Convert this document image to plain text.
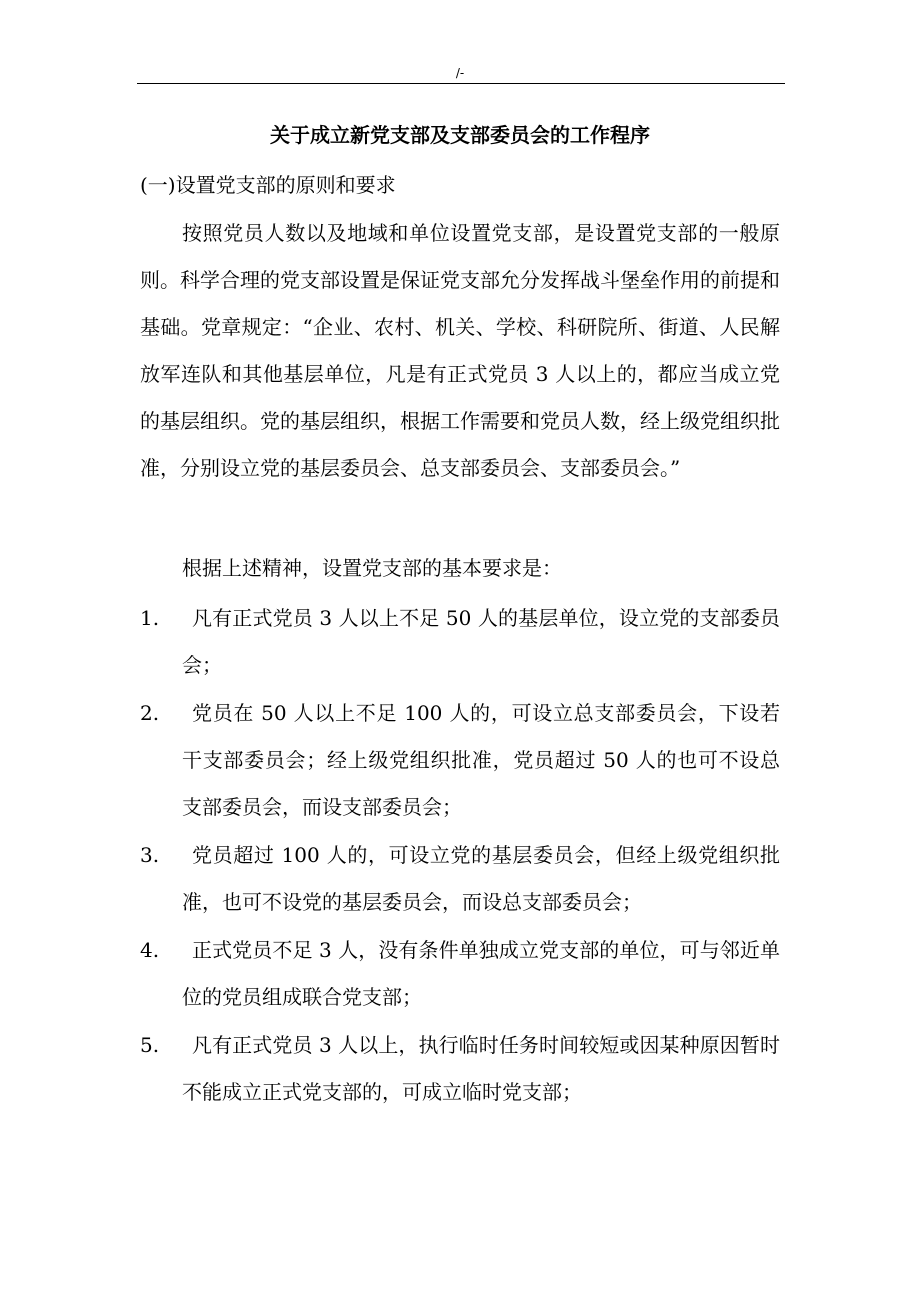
/-
关于成立新党支部及支部委员会的工作程序
(一)设置党支部的原则和要求
按照党员人数以及地域和单位设置党支部，是设置党支部的一般原则。科学合理的党支部设置是保证党支部允分发挥战斗堡垒作用的前提和基础。党章规定：“企业、农村、机关、学校、科研院所、街道、人民解放军连队和其他基层单位，凡是有正式党员 3 人以上的，都应当成立党的基层组织。党的基层组织，根据工作需要和党员人数，经上级党组织批准，分别设立党的基层委员会、总支部委员会、支部委员会。”
根据上述精神，设置党支部的基本要求是：
1.	凡有正式党员 3 人以上不足 50 人的基层单位，设立党的支部委员会；
2.	党员在 50 人以上不足 100 人的，可设立总支部委员会，下设若干支部委员会；经上级党组织批准，党员超过 50 人的也可不设总支部委员会，而设支部委员会；
3.	党员超过 100 人的，可设立党的基层委员会，但经上级党组织批准，也可不设党的基层委员会，而设总支部委员会；
4.	正式党员不足 3 人，没有条件单独成立党支部的单位，可与邻近单位的党员组成联合党支部；
5.	凡有正式党员 3 人以上，执行临时任务时间较短或因某种原因暂时不能成立正式党支部的，可成立临时党支部；
